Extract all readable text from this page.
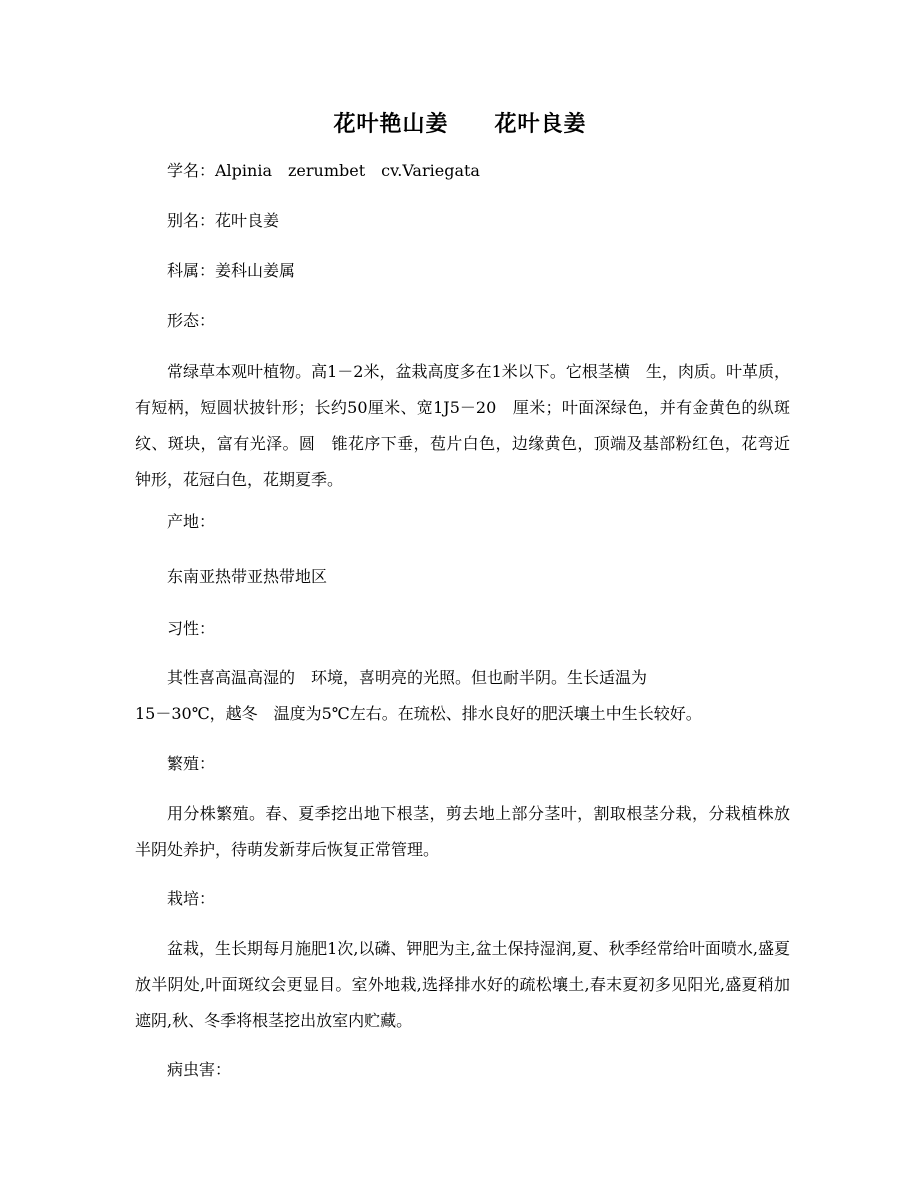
花叶艳山姜　　花叶良姜

学名：Alpinia　zerumbet　cv.Variegata

别名：花叶良姜

科属：姜科山姜属

形态：

常绿草本观叶植物。高1－2米，盆栽高度多在1米以下。它根茎横　生，肉质。叶革质，有短柄，短圆状披针形；长约50厘米、宽1J5－20　厘米；叶面深绿色，并有金黄色的纵斑纹、斑块，富有光泽。圆　锥花序下垂，苞片白色，边缘黄色，顶端及基部粉红色，花弯近　钟形，花冠白色，花期夏季。

产地：

东南亚热带亚热带地区

习性：

其性喜高温高湿的　环境，喜明亮的光照。但也耐半阴。生长适温为

15－30℃，越冬　温度为5℃左右。在琉松、排水良好的肥沃壤土中生长较好。

繁殖：

用分株繁殖。春、夏季挖出地下根茎，剪去地上部分茎叶，割取根茎分栽，分栽植株放半阴处养护，待萌发新芽后恢复正常管理。

栽培：

盆栽，生长期每月施肥1次,以磷、钾肥为主,盆土保持湿润,夏、秋季经常给叶面喷水,盛夏放半阴处,叶面斑纹会更显目。室外地栽,选择排水好的疏松壤土,春末夏初多见阳光,盛夏稍加遮阴,秋、冬季将根茎挖出放室内贮藏。

病虫害：
